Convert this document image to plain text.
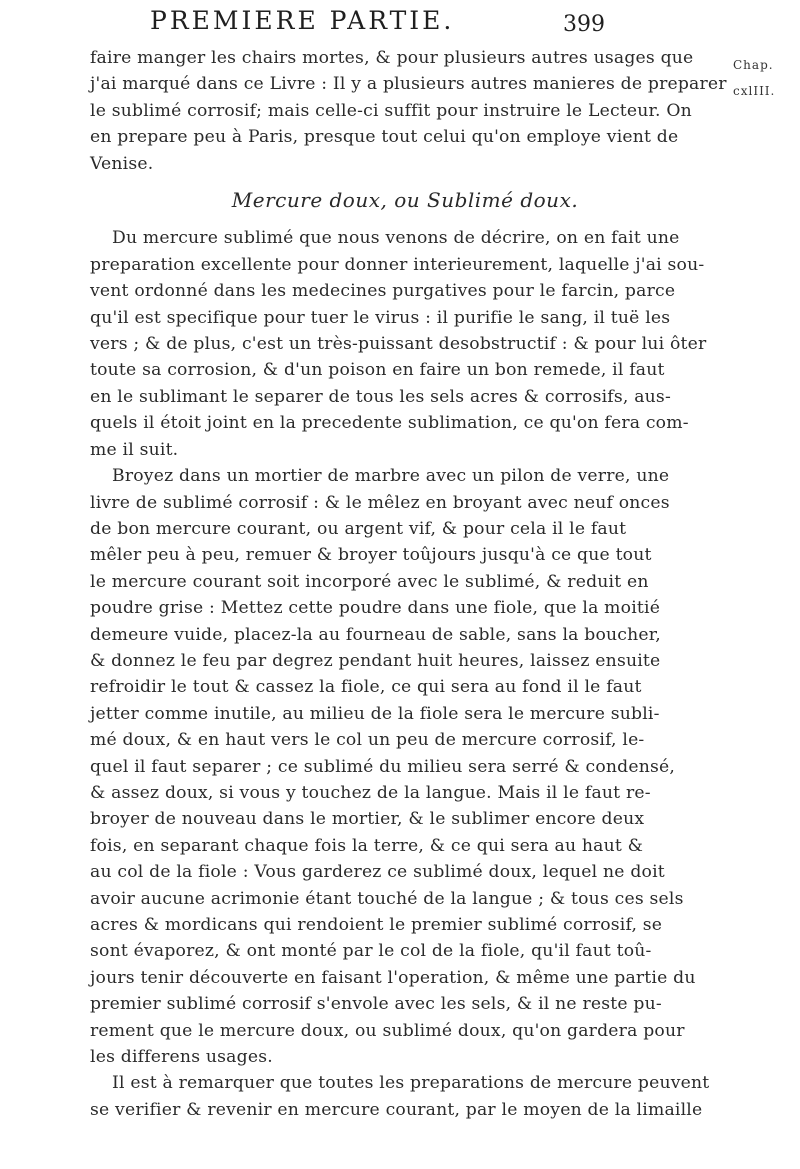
PREMIERE PARTIE.	399
Chap.
cxlIII.

faire manger les chairs mortes, & pour plusieurs autres usages que
j'ai marqué dans ce Livre : Il y a plusieurs autres manieres de preparer
le sublimé corrosif; mais celle-ci suffit pour instruire le Lecteur. On
en prepare peu à Paris, presque tout celui qu'on employe vient de
Venise.

Mercure doux, ou Sublimé doux.

Du mercure sublimé que nous venons de décrire, on en fait une
preparation excellente pour donner interieurement, laquelle j'ai sou-
vent ordonné dans les medecines purgatives pour le farcin, parce
qu'il est specifique pour tuer le virus : il purifie le sang, il tuë les
vers ; & de plus, c'est un très-puissant desobstructif : & pour lui ôter
toute sa corrosion, & d'un poison en faire un bon remede, il faut
en le sublimant le separer de tous les sels acres & corrosifs, aus-
quels il étoit joint en la precedente sublimation, ce qu'on fera com-
me il suit.

Broyez dans un mortier de marbre avec un pilon de verre, une
livre de sublimé corrosif : & le mêlez en broyant avec neuf onces
de bon mercure courant, ou argent vif, & pour cela il le faut
mêler peu à peu, remuer & broyer toûjours jusqu'à ce que tout
le mercure courant soit incorporé avec le sublimé, & reduit en
poudre grise : Mettez cette poudre dans une fiole, que la moitié
demeure vuide, placez-la au fourneau de sable, sans la boucher,
& donnez le feu par degrez pendant huit heures, laissez ensuite
refroidir le tout & cassez la fiole, ce qui sera au fond il le faut
jetter comme inutile, au milieu de la fiole sera le mercure subli-
mé doux, & en haut vers le col un peu de mercure corrosif, le-
quel il faut separer ; ce sublimé du milieu sera serré & condensé,
& assez doux, si vous y touchez de la langue. Mais il le faut re-
broyer de nouveau dans le mortier, & le sublimer encore deux
fois, en separant chaque fois la terre, & ce qui sera au haut &
au col de la fiole : Vous garderez ce sublimé doux, lequel ne doit
avoir aucune acrimonie étant touché de la langue ; & tous ces sels
acres & mordicans qui rendoient le premier sublimé corrosif, se
sont évaporez, & ont monté par le col de la fiole, qu'il faut toû-
jours tenir découverte en faisant l'operation, & même une partie du
premier sublimé corrosif s'envole avec les sels, & il ne reste pu-
rement que le mercure doux, ou sublimé doux, qu'on gardera pour
les differens usages.

Il est à remarquer que toutes les preparations de mercure peuvent
se verifier & revenir en mercure courant, par le moyen de la limaille
